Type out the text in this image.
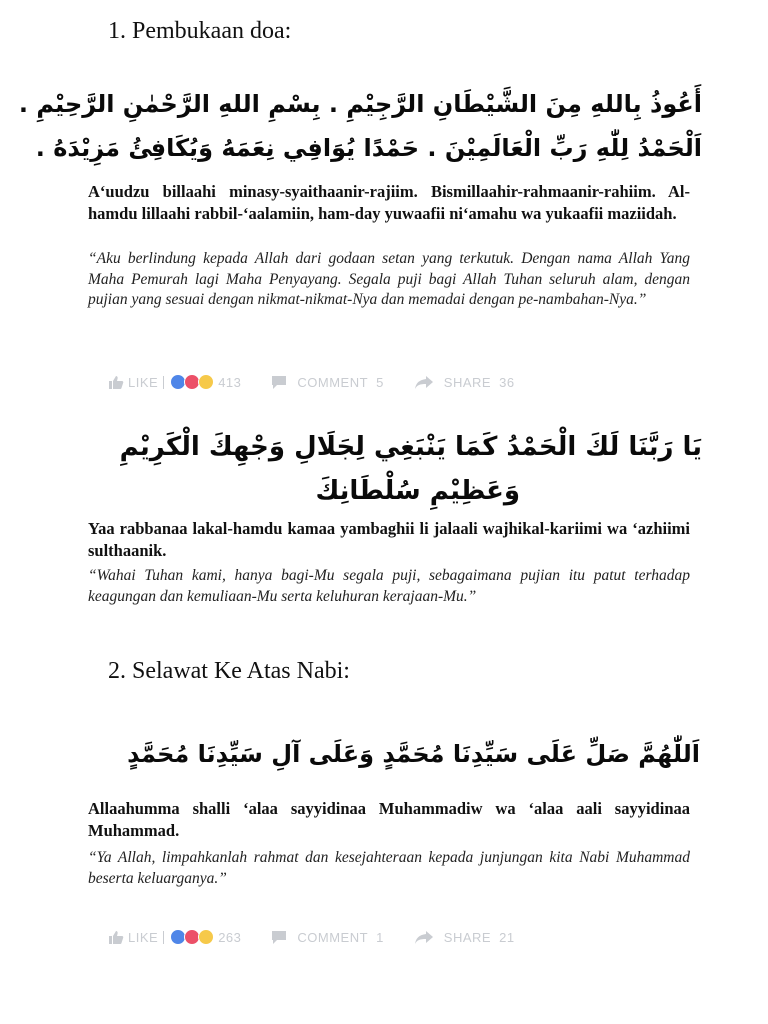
1. Pembukaan doa:
أَعُوذُ بِاللهِ مِنَ الشَّيْطَانِ الرَّجِيْمِ . بِسْمِ اللهِ الرَّحْمٰنِ الرَّحِيْمِ .
اَلْحَمْدُ لِلّٰهِ رَبِّ الْعَالَمِيْنَ . حَمْدًا يُوَافِي نِعَمَهُ وَيُكَافِئُ مَزِيْدَهُ .

A‘uudzu billaahi minasy-syaithaanir-rajiim. Bismillaahir-rahmaanir-rahiim. Al-hamdu lillaahi rabbil-‘aalamiin, ham-day yuwaafii ni‘amahu wa yukaafii maziidah.

“Aku berlindung kepada Allah dari godaan setan yang terkutuk. Dengan nama Allah Yang Maha Pemurah lagi Maha Penyayang. Segala puji bagi Allah Tuhan seluruh alam, dengan pujian yang sesuai dengan nikmat-nikmat-Nya dan memadai dengan pe-nambahan-Nya.”

LIKE	413	COMMENT 5	SHARE 36
يَا رَبَّنَا لَكَ الْحَمْدُ كَمَا يَنْبَغِي لِجَلَالِ وَجْهِكَ الْكَرِيْمِ
وَعَظِيْمِ سُلْطَانِكَ

Yaa rabbanaa lakal-hamdu kamaa yambaghii li jalaali wajhikal-kariimi wa ‘azhiimi sulthaanik.

“Wahai Tuhan kami, hanya bagi-Mu segala puji, sebagaimana pujian itu patut terhadap keagungan dan kemuliaan-Mu serta keluhuran kerajaan-Mu.”

2. Selawat Ke Atas Nabi:
اَللّٰهُمَّ صَلِّ عَلَى سَيِّدِنَا مُحَمَّدٍ وَعَلَى آلِ سَيِّدِنَا مُحَمَّدٍ

Allaahumma shalli ‘alaa sayyidinaa Muhammadiw wa ‘alaa aali sayyidinaa Muhammad.

“Ya Allah, limpahkanlah rahmat dan kesejahteraan kepada junjungan kita Nabi Muhammad beserta keluarganya.”

LIKE	263	COMMENT 1	SHARE 21
